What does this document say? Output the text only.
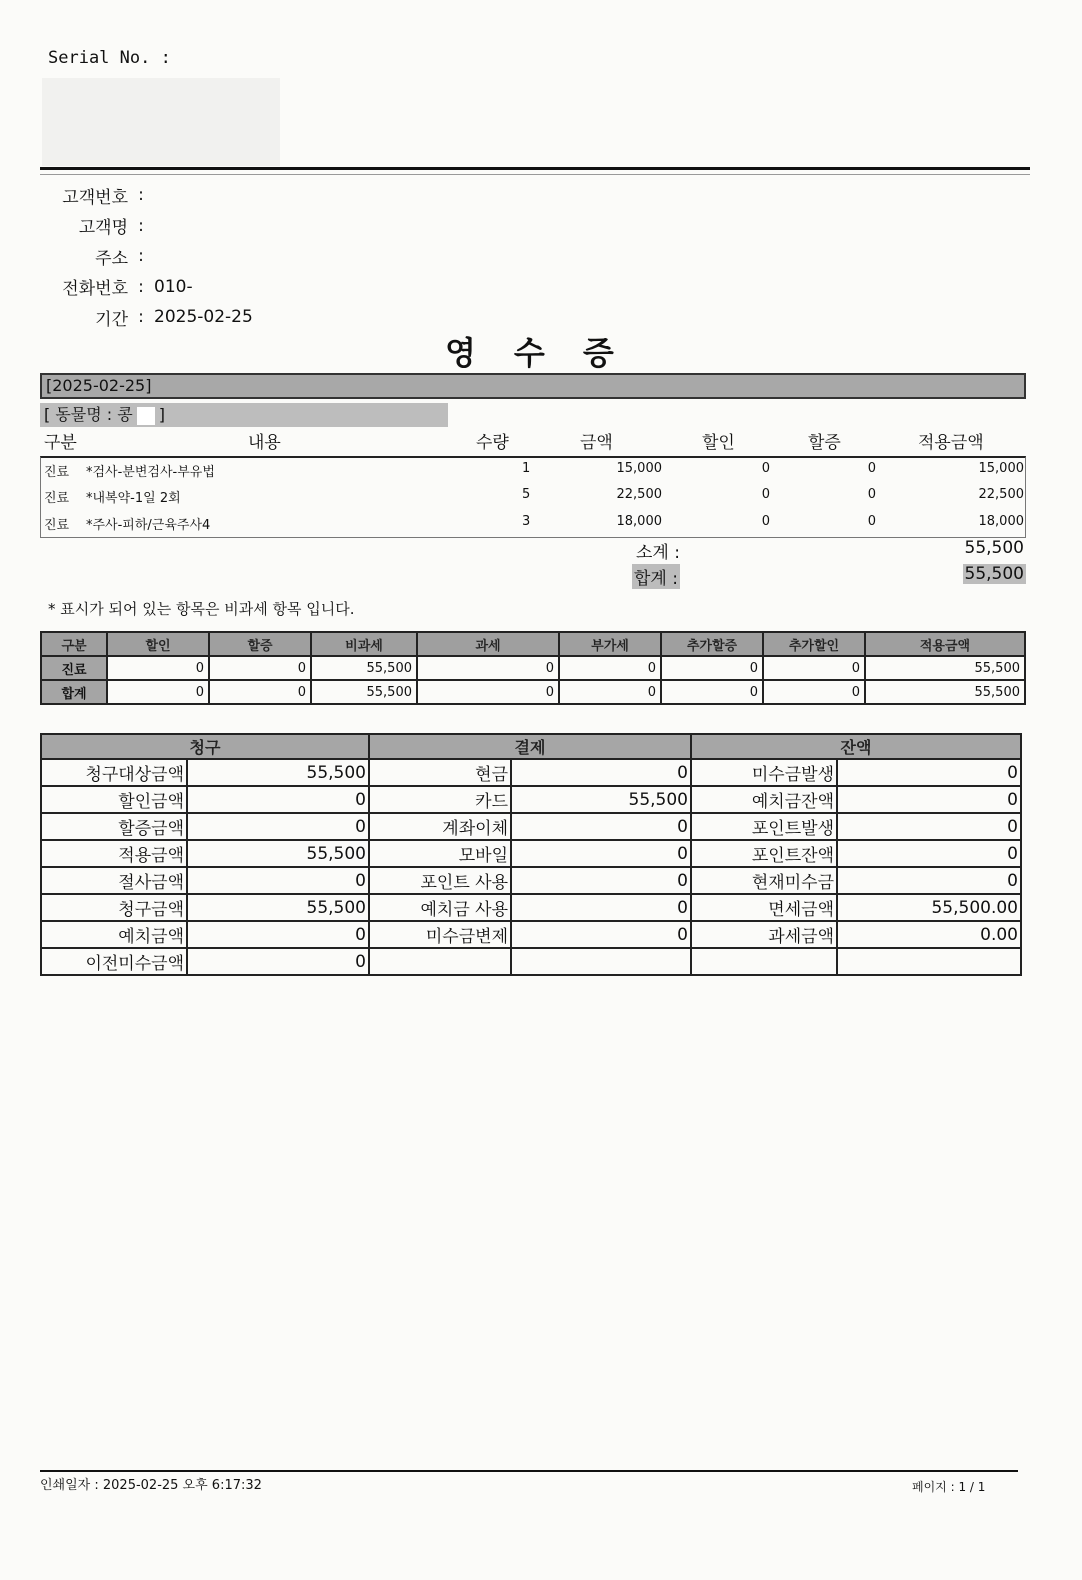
Serial No. :
고객번호 :
고객명 :
주소 :
전화번호 : 010-
기간 : 2025-02-25
영 수 증
[2025-02-25]
[ 동물명 : 콩 ]
구분	내용	수량	금액	할인	할증	적용금액
진료 *검사-분변검사-부유법	1	15,000	0	0	15,000
진료 *내복약-1일 2회	5	22,500	0	0	22,500
진료 *주사-피하/근육주사4	3	18,000	0	0	18,000
소계 :	55,500
합계 :	55,500
* 표시가 되어 있는 항목은 비과세 항목 입니다.
구분	할인	할증	비과세	과세	부가세	추가할증	추가할인	적용금액
진료	0	0	55,500	0	0	0	0	55,500
합계	0	0	55,500	0	0	0	0	55,500
청구		결제		잔액	
청구대상금액	55,500	현금	0	미수금발생	0
할인금액	0	카드	55,500	예치금잔액	0
할증금액	0	계좌이체	0	포인트발생	0
적용금액	55,500	모바일	0	포인트잔액	0
절사금액	0	포인트 사용	0	현재미수금	0
청구금액	55,500	예치금 사용	0	면세금액	55,500.00
예치금액	0	미수금변제	0	과세금액	0.00
이전미수금액	0				
인쇄일자 : 2025-02-25 오후 6:17:32	페이지 : 1 / 1
